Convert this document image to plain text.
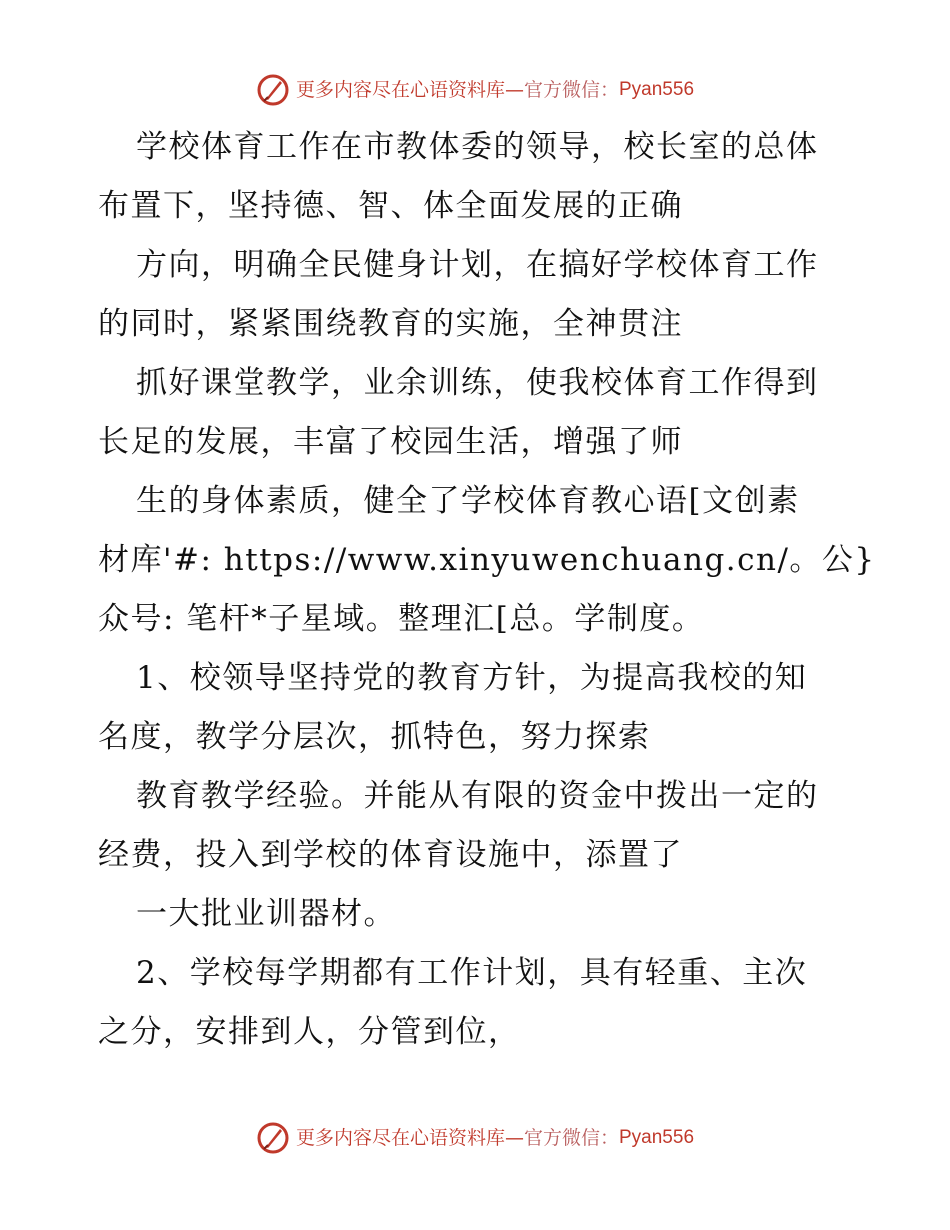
更多内容尽在心语资料库 — 官方微信： Pyan556
学校体育工作在市教体委的领导，校长室的总体
布置下，坚持德、智、体全面发展的正确
方向，明确全民健身计划，在搞好学校体育工作
的同时，紧紧围绕教育的实施，全神贯注
抓好课堂教学，业余训练，使我校体育工作得到
长足的发展，丰富了校园生活，增强了师
生的身体素质，健全了学校体育教心语[文创素
材库'#: https://www.xinyuwenchuang.cn/。公}
众号: 笔杆*子星域。整理汇[总。学制度。
1、校领导坚持党的教育方针，为提高我校的知
名度，教学分层次，抓特色，努力探索
教育教学经验。并能从有限的资金中拨出一定的
经费，投入到学校的体育设施中，添置了
一大批业训器材。
2、学校每学期都有工作计划，具有轻重、主次
之分，安排到人，分管到位，
更多内容尽在心语资料库 — 官方微信： Pyan556
